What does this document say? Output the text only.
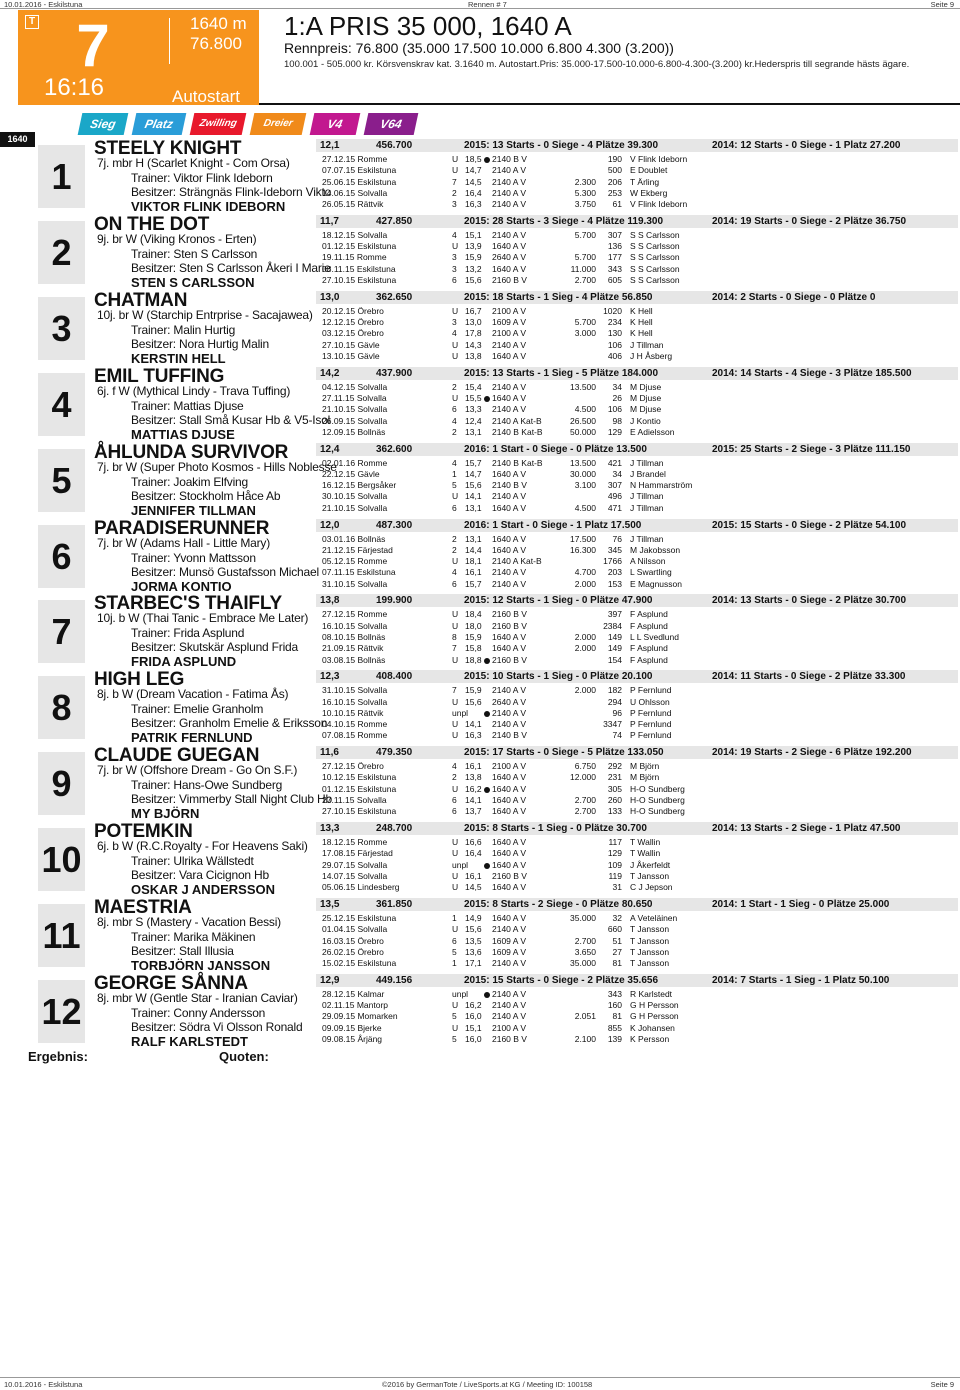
10.01.2016 - Eskilstuna	Rennen # 7	Seite 9
T 7
16:16
1640 m
76.800
Autostart
1:A PRIS 35 000, 1640 A
Rennpreis: 76.800 (35.000 17.500 10.000 6.800 4.300 (3.200))
100.001 - 505.000 kr. Körsvenskrav kat. 3.1640 m. Autostart.Pris: 35.000-17.500-10.000-6.800-4.300-(3.200) kr.Hederspris till segrande hästs ägare.
1640
Sieg	Platz	Zwilling	Dreier	V4	V64
1
STEELY KNIGHT
7j. mbr H (Scarlet Knight - Com Orsa)
Trainer: Viktor Flink Ideborn
Besitzer: Strängnäs Flink-Ideborn Vikto
VIKTOR FLINK IDEBORN
12,1	456.700	2015: 13 Starts - 0 Siege - 4 Plätze 39.300	2014: 12 Starts - 0 Siege - 1 Platz 27.200
27.12.15 Romme	U 18,5 2140 B V	190 V Flink Ideborn
07.07.15 Eskilstuna	U 14,7 2140 A V	500 E Doublet
25.06.15 Eskilstuna	7 14,5 2140 A V	2.300	206 T Ärling
14.06.15 Solvalla	2 16,4 2140 A V	5.300	253 W Ekberg
26.05.15 Rättvik	3 16,3 2140 A V	3.750	61 V Flink Ideborn
2
ON THE DOT
9j. br W (Viking Kronos - Erten)
Trainer: Sten S Carlsson
Besitzer: Sten S Carlsson Åkeri I Marie
STEN S CARLSSON
11,7	427.850	2015: 28 Starts - 3 Siege - 4 Plätze 119.300	2014: 19 Starts - 0 Siege - 2 Plätze 36.750
18.12.15 Solvalla	4 15,1 2140 A V	5.700	307 S S Carlsson
01.12.15 Eskilstuna	U 13,9 1640 A V	136 S S Carlsson
19.11.15 Romme	3 15,9 2640 A V	5.700	177 S S Carlsson
08.11.15 Eskilstuna	3 13,2 1640 A V	11.000	343 S S Carlsson
27.10.15 Eskilstuna	6 15,6 2160 B V	2.700	605 S S Carlsson
3
CHATMAN
10j. br W (Starchip Entrprise - Sacajawea)
Trainer: Malin Hurtig
Besitzer: Nora Hurtig Malin
KERSTIN HELL
13,0	362.650	2015: 18 Starts - 1 Sieg - 4 Plätze 56.850	2014: 2 Starts - 0 Siege - 0 Plätze 0
20.12.15 Örebro	U 16,7 2100 A V	1020 K Hell
12.12.15 Örebro	3 13,0 1609 A V	5.700	234 K Hell
03.12.15 Örebro	4 17,8 2100 A V	3.000	130 K Hell
27.10.15 Gävle	U 14,3 2140 A V	106 J Tillman
13.10.15 Gävle	U 13,8 1640 A V	406 J H Åsberg
4
EMIL TUFFING
6j. f W (Mythical Lindy - Trava Tuffing)
Trainer: Mattias Djuse
Besitzer: Stall Små Kusar Hb & V5-Isol
MATTIAS DJUSE
14,2	437.900	2015: 13 Starts - 1 Sieg - 5 Plätze 184.000	2014: 14 Starts - 4 Siege - 3 Plätze 185.500
04.12.15 Solvalla	2 15,4 2140 A V	13.500	34 M Djuse
27.11.15 Solvalla	U 15,5 1640 A V	26 M Djuse
21.10.15 Solvalla	6 13,3 2140 A V	4.500	106 M Djuse
26.09.15 Solvalla	4 12,4 2140 A Kat-B	26.500	98 J Kontio
12.09.15 Bollnäs	2 13,1 2140 B Kat-B	50.000	129 E Adielsson
5
ÅHLUNDA SURVIVOR
7j. br W (Super Photo Kosmos - Hills Noblesse
Trainer: Joakim Elfving
Besitzer: Stockholm Håce Ab
JENNIFER TILLMAN
12,4	362.600	2016: 1 Start - 0 Siege - 0 Plätze 13.500	2015: 25 Starts - 2 Siege - 3 Plätze 111.150
02.01.16 Romme	4 15,7 2140 B Kat-B	13.500	421 J Tillman
22.12.15 Gävle	1 14,7 1640 A V	30.000	34 J Brandel
16.12.15 Bergsåker	5 15,6 2140 B V	3.100	307 N Hammarström
30.10.15 Solvalla	U 14,1 2140 A V	496 J Tillman
21.10.15 Solvalla	6 13,1 1640 A V	4.500	471 J Tillman
6
PARADISERUNNER
7j. br W (Adams Hall - Little Mary)
Trainer: Yvonn Mattsson
Besitzer: Munsö Gustafsson Michael
JORMA KONTIO
12,0	487.300	2016: 1 Start - 0 Siege - 1 Platz 17.500	2015: 15 Starts - 0 Siege - 2 Plätze 54.100
03.01.16 Bollnäs	2 13,1 1640 A V	17.500	76 J Tillman
21.12.15 Färjestad	2 14,4 1640 A V	16.300	345 M Jakobsson
05.12.15 Romme	U 18,1 2140 A Kat-B	1766 A Nilsson
07.11.15 Eskilstuna	4 16,1 2140 A V	4.700	203 L Swartling
31.10.15 Solvalla	6 15,7 2140 A V	2.000	153 E Magnusson
7
STARBEC'S THAIFLY
10j. b W (Thai Tanic - Embrace Me Later)
Trainer: Frida Asplund
Besitzer: Skutskär Asplund Frida
FRIDA ASPLUND
13,8	199.900	2015: 12 Starts - 1 Sieg - 0 Plätze 47.900	2014: 13 Starts - 0 Siege - 2 Plätze 30.700
27.12.15 Romme	U 18,4 2160 B V	397 F Asplund
16.10.15 Solvalla	U 18,0 2160 B V	2384 F Asplund
08.10.15 Bollnäs	8 15,9 1640 A V	2.000	149 L L Svedlund
21.09.15 Rättvik	7 15,8 1640 A V	2.000	149 F Asplund
03.08.15 Bollnäs	U 18,8 2160 B V	154 F Asplund
8
HIGH LEG
8j. b W (Dream Vacation - Fatima Ås)
Trainer: Emelie Granholm
Besitzer: Granholm Emelie & Eriksson
PATRIK FERNLUND
12,3	408.400	2015: 10 Starts - 1 Sieg - 0 Plätze 20.100	2014: 11 Starts - 0 Siege - 2 Plätze 33.300
31.10.15 Solvalla	7 15,9 2140 A V	2.000	182 P Fernlund
16.10.15 Solvalla	U 15,6 2640 A V	294 U Ohlsson
10.10.15 Rättvik	unpl	2140 A V	96 P Fernlund
04.10.15 Romme	U 14,1 2140 A V	3347 P Fernlund
07.08.15 Romme	U 16,3 2140 B V	74 P Fernlund
9
CLAUDE GUEGAN
7j. br W (Offshore Dream - Go On S.F.)
Trainer: Hans-Owe Sundberg
Besitzer: Vimmerby Stall Night Club Hb
MY BJÖRN
11,6	479.350	2015: 17 Starts - 0 Siege - 5 Plätze 133.050	2014: 19 Starts - 2 Siege - 6 Plätze 192.200
27.12.15 Örebro	4 16,1 2100 A V	6.750	292 M Björn
10.12.15 Eskilstuna	2 13,8 1640 A V	12.000	231 M Björn
01.12.15 Eskilstuna	U 16,2 1640 A V	305 H-O Sundberg
27.11.15 Solvalla	6 14,1 1640 A V	2.700	260 H-O Sundberg
27.10.15 Eskilstuna	6 13,7 1640 A V	2.700	133 H-O Sundberg
10
POTEMKIN
6j. b W (R.C.Royalty - For Heavens Saki)
Trainer: Ulrika Wällstedt
Besitzer: Vara Cicignon Hb
OSKAR J ANDERSSON
13,3	248.700	2015: 8 Starts - 1 Sieg - 0 Plätze 30.700	2014: 13 Starts - 2 Siege - 1 Platz 47.500
18.12.15 Romme	U 16,6 1640 A V	117 T Wallin
17.08.15 Färjestad	U 16,4 1640 A V	129 T Wallin
29.07.15 Solvalla	unpl	1640 A V	109 J Åkerfeldt
14.07.15 Solvalla	U 16,1 2160 B V	119 T Jansson
05.06.15 Lindesberg	U 14,5 1640 A V	31 C J Jepson
11
MAESTRIA
8j. mbr S (Mastery - Vacation Bessi)
Trainer: Marika Mäkinen
Besitzer: Stall Illusia
TORBJÖRN JANSSON
13,5	361.850	2015: 8 Starts - 2 Siege - 0 Plätze 80.650	2014: 1 Start - 1 Sieg - 0 Plätze 25.000
25.12.15 Eskilstuna	1 14,9 1640 A V	35.000	32 A Veteläinen
01.04.15 Solvalla	U 15,6 2140 A V	660 T Jansson
16.03.15 Örebro	6 13,5 1609 A V	2.700	51 T Jansson
26.02.15 Örebro	5 13,6 1609 A V	3.650	27 T Jansson
15.02.15 Eskilstuna	1 17,1 2140 A V	35.000	81 T Jansson
12
GEORGE SÅNNA
8j. mbr W (Gentle Star - Iranian Caviar)
Trainer: Conny Andersson
Besitzer: Södra Vi Olsson Ronald
RALF KARLSTEDT
12,9	449.156	2015: 15 Starts - 0 Siege - 2 Plätze 35.656	2014: 7 Starts - 1 Sieg - 1 Platz 50.100
28.12.15 Kalmar	unpl	2140 A V	343 R Karlstedt
02.11.15 Mantorp	U 16,2 2140 A V	160 G H Persson
29.09.15 Momarken	5 16,0 2140 A V	2.051	81 G H Persson
09.09.15 Bjerke	U 15,1 2100 A V	855 K Johansen
09.08.15 Årjäng	5 16,0 2160 B V	2.100	139 K Persson
Ergebnis:	Quoten:
10.01.2016 - Eskilstuna	©2016 by GermanTote / LiveSports.at KG / Meeting ID: 100158	Seite 9
